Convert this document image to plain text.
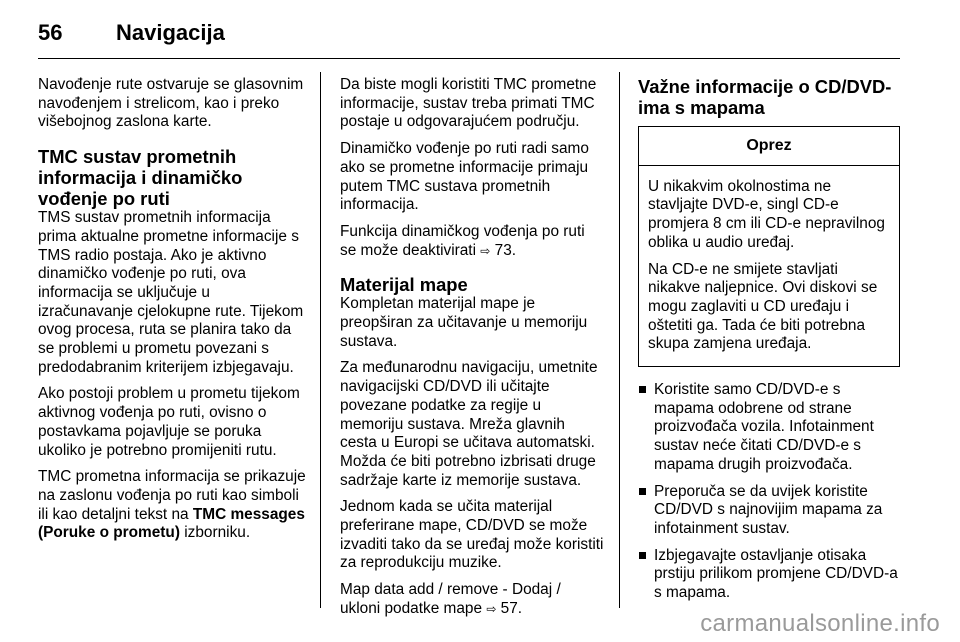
56 Navigacija

Navođenje rute ostvaruje se glasovnim navođenjem i strelicom, kao i preko višebojnog zaslona karte.

TMC sustav prometnih informacija i dinamičko vođenje po ruti

TMS sustav prometnih informacija prima aktualne prometne informacije s TMS radio postaja. Ako je aktivno dinamičko vođenje po ruti, ova informacija se uključuje u izračunavanje cjelokupne rute. Tijekom ovog procesa, ruta se planira tako da se problemi u prometu povezani s predodabranim kriterijem izbjegavaju.

Ako postoji problem u prometu tijekom aktivnog vođenja po ruti, ovisno o postavkama pojavljuje se poruka ukoliko je potrebno promijeniti rutu.

TMC prometna informacija se prikazuje na zaslonu vođenja po ruti kao simboli ili kao detaljni tekst na TMC messages (Poruke o prometu) izborniku.

Da biste mogli koristiti TMC prometne informacije, sustav treba primati TMC postaje u odgovarajućem području.

Dinamičko vođenje po ruti radi samo ako se prometne informacije primaju putem TMC sustava prometnih informacija.

Funkcija dinamičkog vođenja po ruti se može deaktivirati ⇨ 73.

Materijal mape

Kompletan materijal mape je preopširan za učitavanje u memoriju sustava.

Za međunarodnu navigaciju, umetnite navigacijski CD/DVD ili učitajte povezane podatke za regije u memoriju sustava. Mreža glavnih cesta u Europi se učitava automatski. Možda će biti potrebno izbrisati druge sadržaje karte iz memorije sustava.

Jednom kada se učita materijal preferirane mape, CD/DVD se može izvaditi tako da se uređaj može koristiti za reprodukciju muzike.

Map data add / remove - Dodaj / ukloni podatke mape ⇨ 57.

Važne informacije o CD/DVD-ima s mapama
Oprez

U nikakvim okolnostima ne stavljajte DVD-e, singl CD-e promjera 8 cm ili CD-e nepravilnog oblika u audio uređaj.

Na CD-e ne smijete stavljati nikakve naljepnice. Ovi diskovi se mogu zaglaviti u CD uređaju i oštetiti ga. Tada će biti potrebna skupa zamjena uređaja.

Koristite samo CD/DVD-e s mapama odobrene od strane proizvođača vozila. Infotainment sustav neće čitati CD/DVD-e s mapama drugih proizvođača.
Preporuča se da uvijek koristite CD/DVD s najnovijim mapama za infotainment sustav.
Izbjegavajte ostavljanje otisaka prstiju prilikom promjene CD/DVD-a s mapama.
carmanualsonline.info
